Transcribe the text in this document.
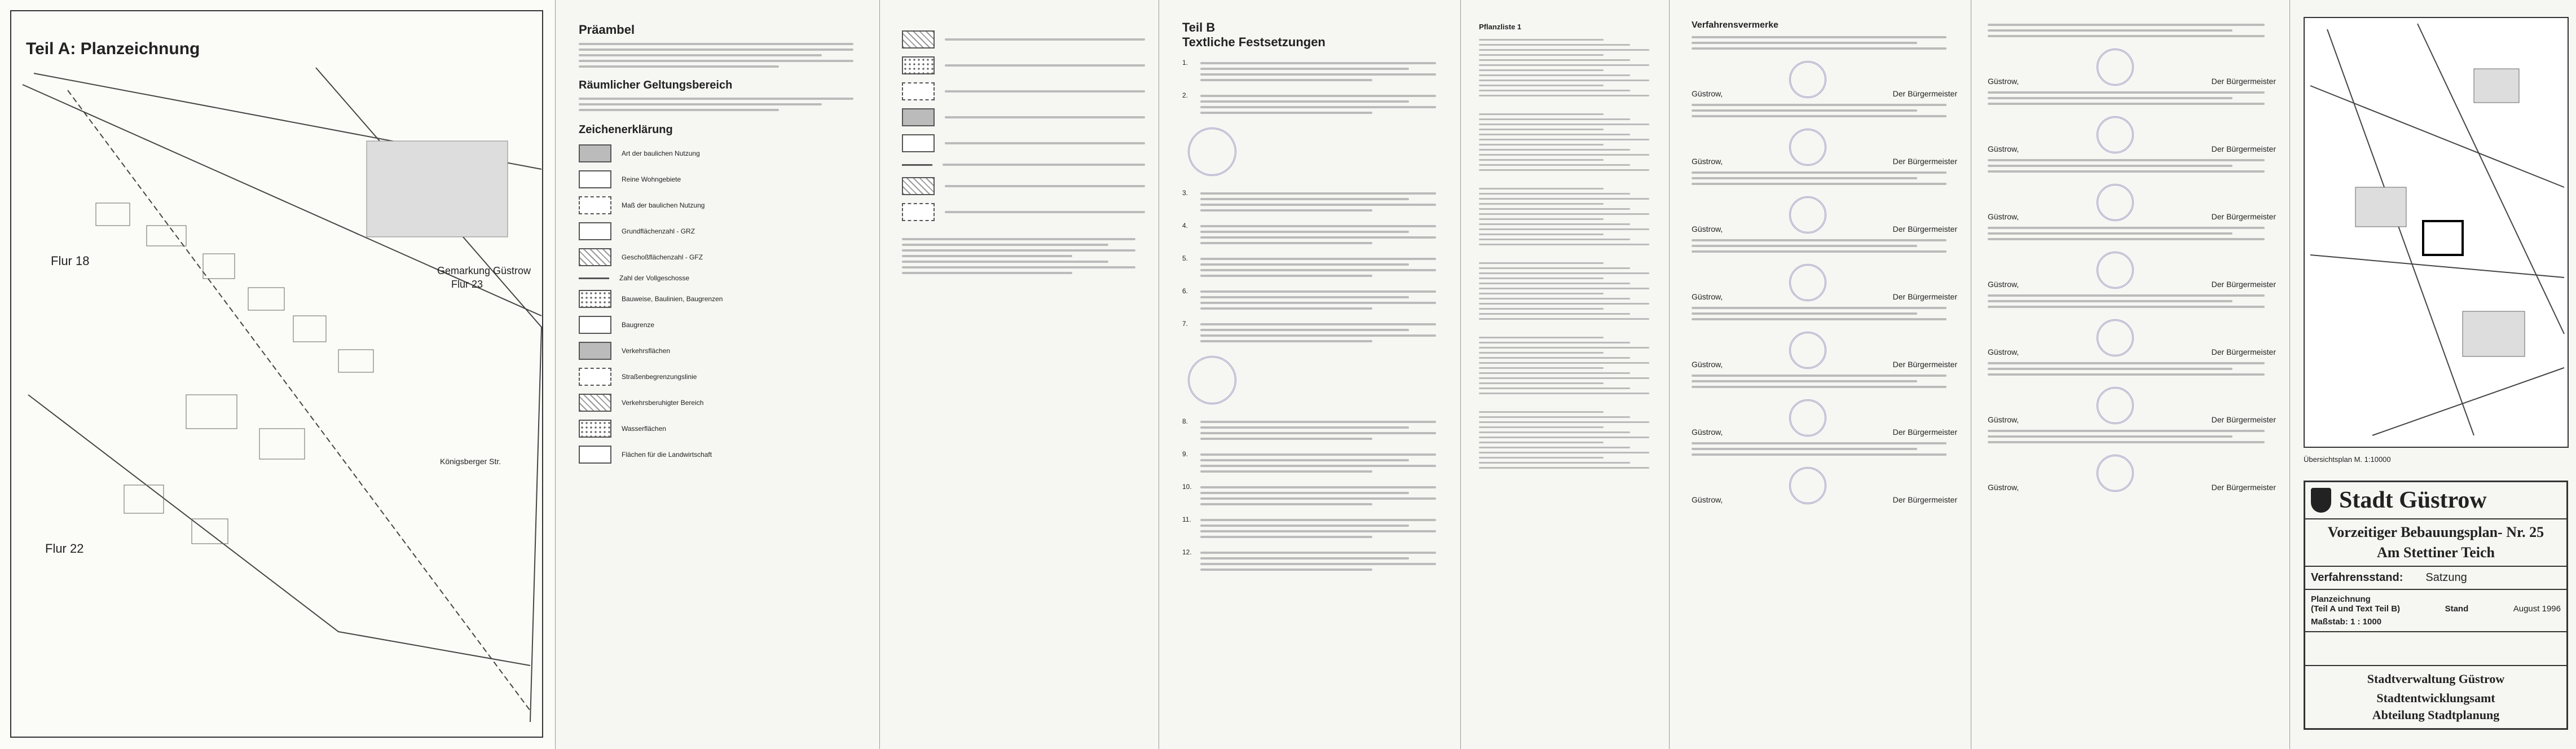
Teil A: Planzeichnung
Gemarkung Güstrow
Flur 23
Flur 18
Flur 22
Königsberger Str.
Präambel
Räumlicher Geltungsbereich
Zeichenerklärung
Art der baulichen Nutzung
Reine Wohngebiete
Maß der baulichen Nutzung
Grundflächenzahl - GRZ
Geschoßflächenzahl - GFZ
Zahl der Vollgeschosse
Bauweise, Baulinien, Baugrenzen
Baugrenze
Verkehrsflächen
Straßenbegrenzungslinie
Verkehrsberuhigter Bereich
Wasserflächen
Flächen für die Landwirtschaft
Teil B
Textliche Festsetzungen
1.
2.
3.
4.
5.
6.
7.
8.
9.
10.
11.
12.
Pflanzliste 1	Verfahrensvermerke
Güstrow,	Der Bürgermeister
Güstrow,	Der Bürgermeister
Güstrow,	Der Bürgermeister
Güstrow,	Der Bürgermeister
Güstrow,	Der Bürgermeister
Güstrow,	Der Bürgermeister
Güstrow,	Der Bürgermeister
Güstrow,	Der Bürgermeister
Güstrow,	Der Bürgermeister
Güstrow,	Der Bürgermeister
Güstrow,	Der Bürgermeister
Güstrow,	Der Bürgermeister
Güstrow,	Der Bürgermeister
Güstrow,	Der Bürgermeister
Übersichtsplan M. 1:10000
Stadt Güstrow
Vorzeitiger Bebauungsplan- Nr. 25
Am Stettiner Teich
Verfahrensstand: Satzung
Planzeichnung
(Teil A und Text Teil B)	Stand	August 1996
Maßstab: 1 : 1000
Stadtverwaltung Güstrow
Stadtentwicklungsamt
Abteilung Stadtplanung
